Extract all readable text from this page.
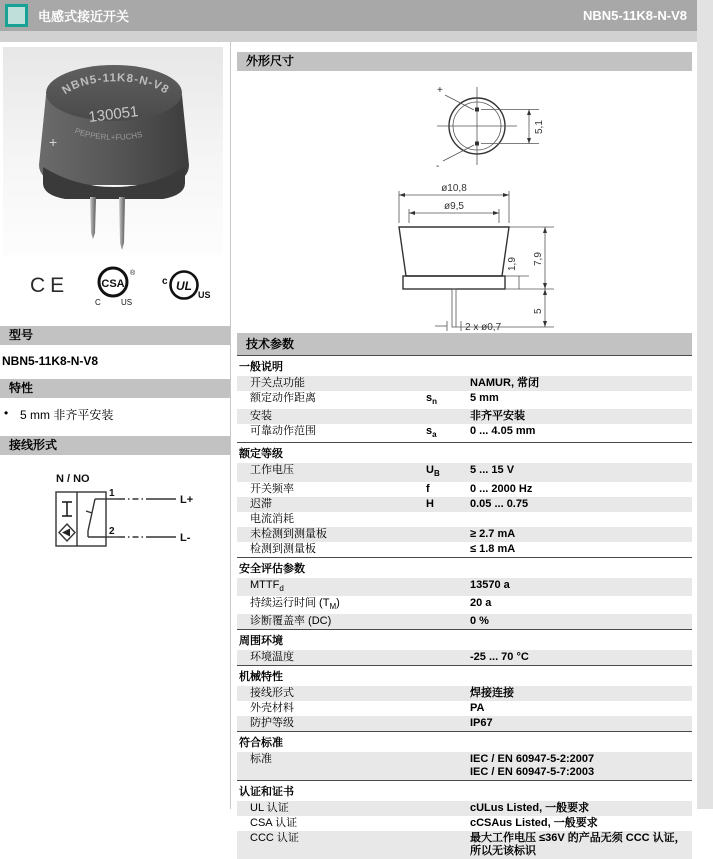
电感式接近开关	NBN5-11K8-N-V8
NBN5-11K8-N-V8
130051
PEPPERL+FUCHS
+
CE	CSA
®
C	US
UL
c
US
型号
NBN5-11K8-N-V8
特性
• 5 mm 非齐平安装
接线形式
N / NO
1
L+
2
L-
外形尺寸
+
-
5,1
ø10,8
ø9,5
1,9 7,9
5
2 x ø0,7
技术参数
一般说明
开关点功能	NAMUR, 常闭
额定动作距离	$s_n$	5 mm
安装	非齐平安装
可靠动作范围	$s_a$	0 ... 4.05 mm
额定等级
工作电压	$U_B$	5 ... 15 V
开关频率	f	0 ... 2000 Hz
迟滞	H	0.05 ... 0.75
电流消耗
未检测到测量板	≥ 2.7 mA
检测到测量板	≤ 1.8 mA
安全评估参数
$MTTF_d$	13570 a
持续运行时间 $(T_M)$	20 a
诊断覆盖率 (DC)	0 %
周围环境
环境温度	-25 ... 70 °C
机械特性
接线形式	焊接连接
外壳材料	PA
防护等级	IP67
符合标准
标准	IEC / EN 60947-5-2:2007
IEC / EN 60947-5-7:2003
认证和证书
UL 认证	cULus Listed, 一般要求
CSA 认证	cCSAus Listed, 一般要求
CCC 认证	最大工作电压 ≤36V 的产品无须 CCC 认证，所以无该标识
